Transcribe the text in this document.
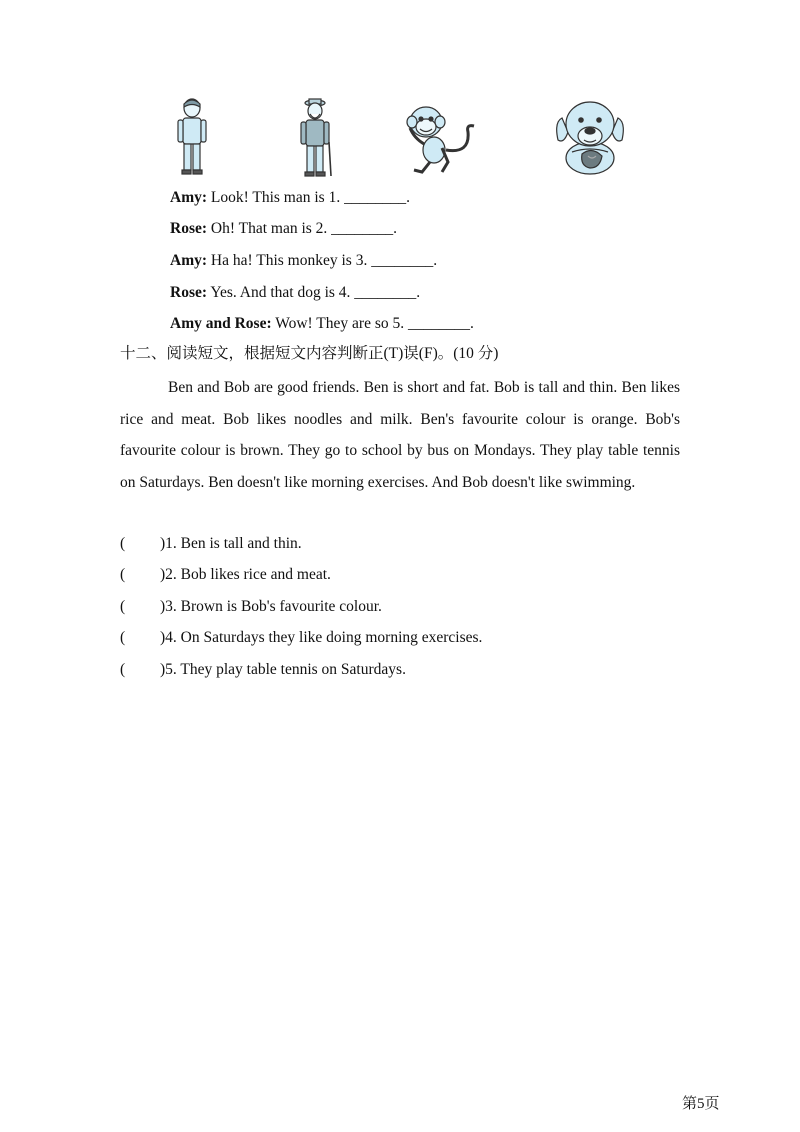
Amy: Look! This man is 1. ________.
Rose: Oh! That man is 2. ________.
Amy: Ha ha! This monkey is 3. ________.
Rose: Yes. And that dog is 4. ________.
Amy and Rose: Wow! They are so 5. ________.
十二、阅读短文，根据短文内容判断正(T)误(F)。(10 分)

Ben and Bob are good friends. Ben is short and fat. Bob is tall and thin. Ben likes rice and meat. Bob likes noodles and milk. Ben's favourite colour is orange. Bob's favourite colour is brown. They go to school by bus on Mondays. They play table tennis on Saturdays. Ben doesn't like morning exercises. And Bob doesn't like swimming.

( )1. Ben is tall and thin.
( )2. Bob likes rice and meat.
( )3. Brown is Bob's favourite colour.
( )4. On Saturdays they like doing morning exercises.
( )5. They play table tennis on Saturdays.
第5页
